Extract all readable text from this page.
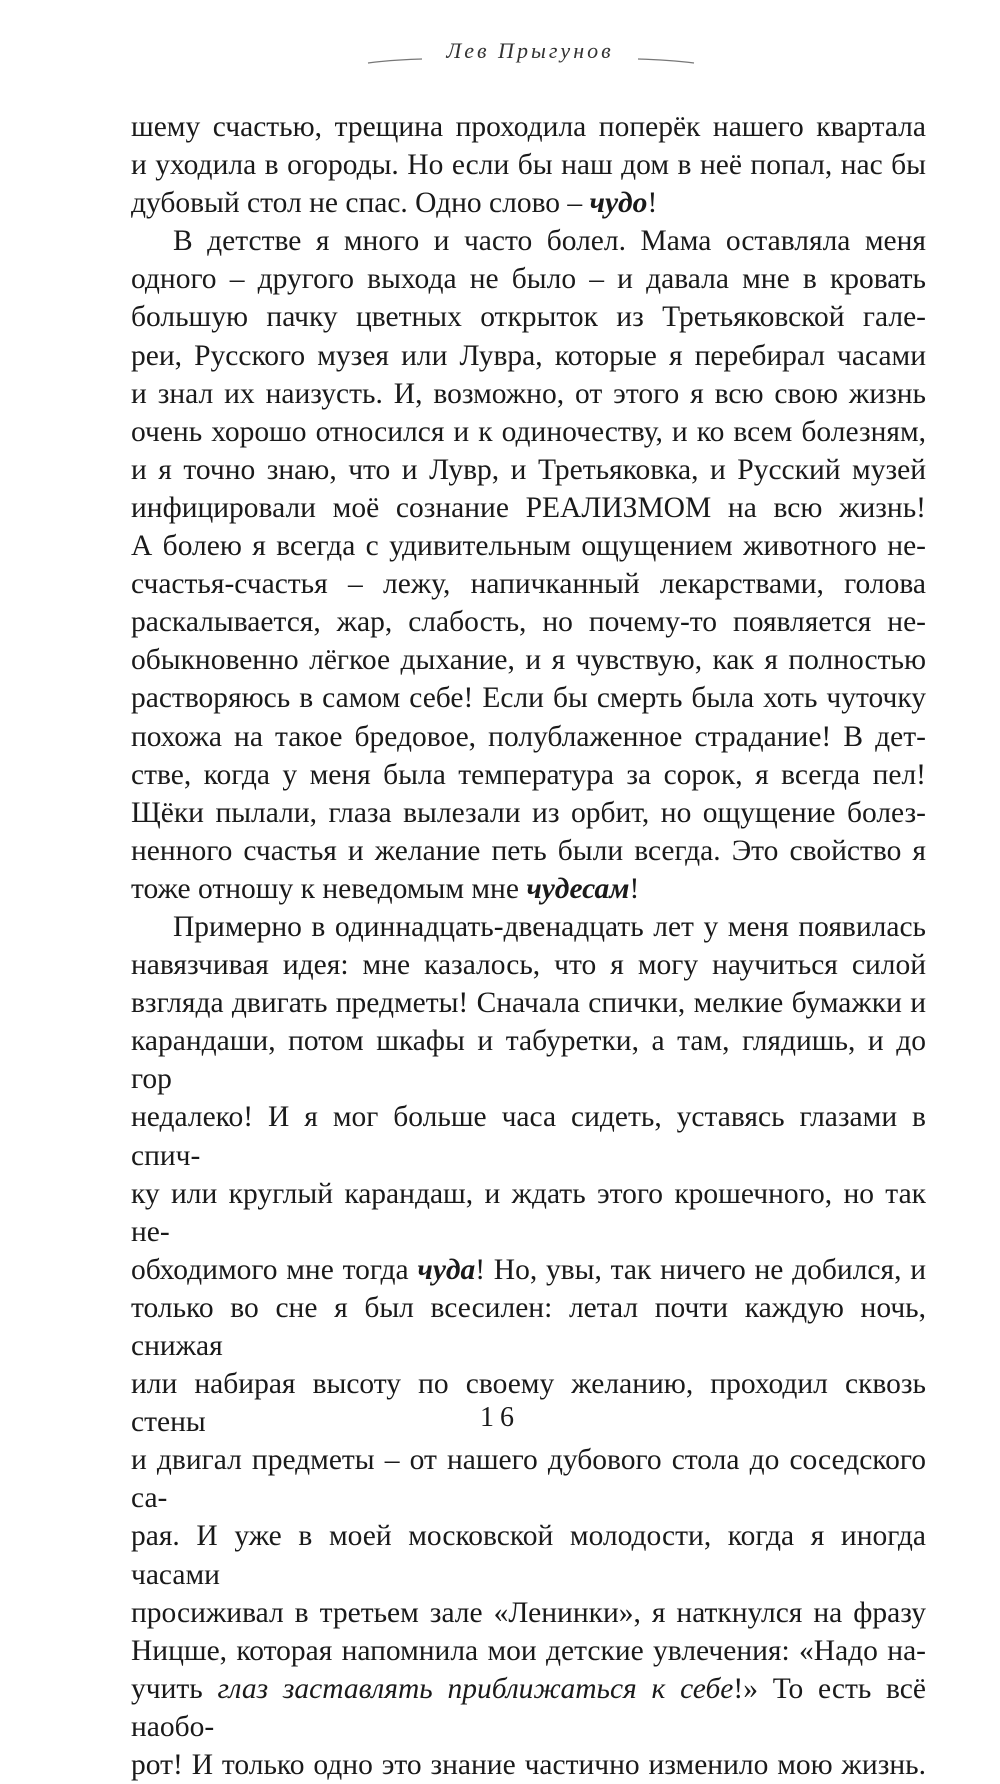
Лев Прыгунов

шему счастью, трещина проходила поперёк нашего квартала
и уходила в огороды. Но если бы наш дом в неё попал, нас бы
дубовый стол не спас. Одно слово – чудо!

В детстве я много и часто болел. Мама оставляла меня
одного – другого выхода не было – и давала мне в кровать
большую пачку цветных открыток из Третьяковской гале-
реи, Русского музея или Лувра, которые я перебирал часами
и знал их наизусть. И, возможно, от этого я всю свою жизнь
очень хорошо относился и к одиночеству, и ко всем болезням,
и я точно знаю, что и Лувр, и Третьяковка, и Русский музей
инфицировали моё сознание РЕАЛИЗМОМ на всю жизнь!
А болею я всегда с удивительным ощущением животного не-
счастья-счастья – лежу, напичканный лекарствами, голова
раскалывается, жар, слабость, но почему-то появляется не-
обыкновенно лёгкое дыхание, и я чувствую, как я полностью
растворяюсь в самом себе! Если бы смерть была хоть чуточку
похожа на такое бредовое, полублаженное страдание! В дет-
стве, когда у меня была температура за сорок, я всегда пел!
Щёки пылали, глаза вылезали из орбит, но ощущение болез-
ненного счастья и желание петь были всегда. Это свойство я
тоже отношу к неведомым мне чудесам!

Примерно в одиннадцать-двенадцать лет у меня появилась
навязчивая идея: мне казалось, что я могу научиться силой
взгляда двигать предметы! Сначала спички, мелкие бумажки и
карандаши, потом шкафы и табуретки, а там, глядишь, и до гор
недалеко! И я мог больше часа сидеть, уставясь глазами в спич-
ку или круглый карандаш, и ждать этого крошечного, но так не-
обходимого мне тогда чуда! Но, увы, так ничего не добился, и
только во сне я был всесилен: летал почти каждую ночь, снижая
или набирая высоту по своему желанию, проходил сквозь стены
и двигал предметы – от нашего дубового стола до соседского са-
рая. И уже в моей московской молодости, когда я иногда часами
просиживал в третьем зале «Ленинки», я наткнулся на фразу
Ницше, которая напомнила мои детские увлечения: «Надо на-
учить глаз заставлять приближаться к себе!» То есть всё наобо-
рот! И только одно это знание частично изменило мою жизнь.

16
